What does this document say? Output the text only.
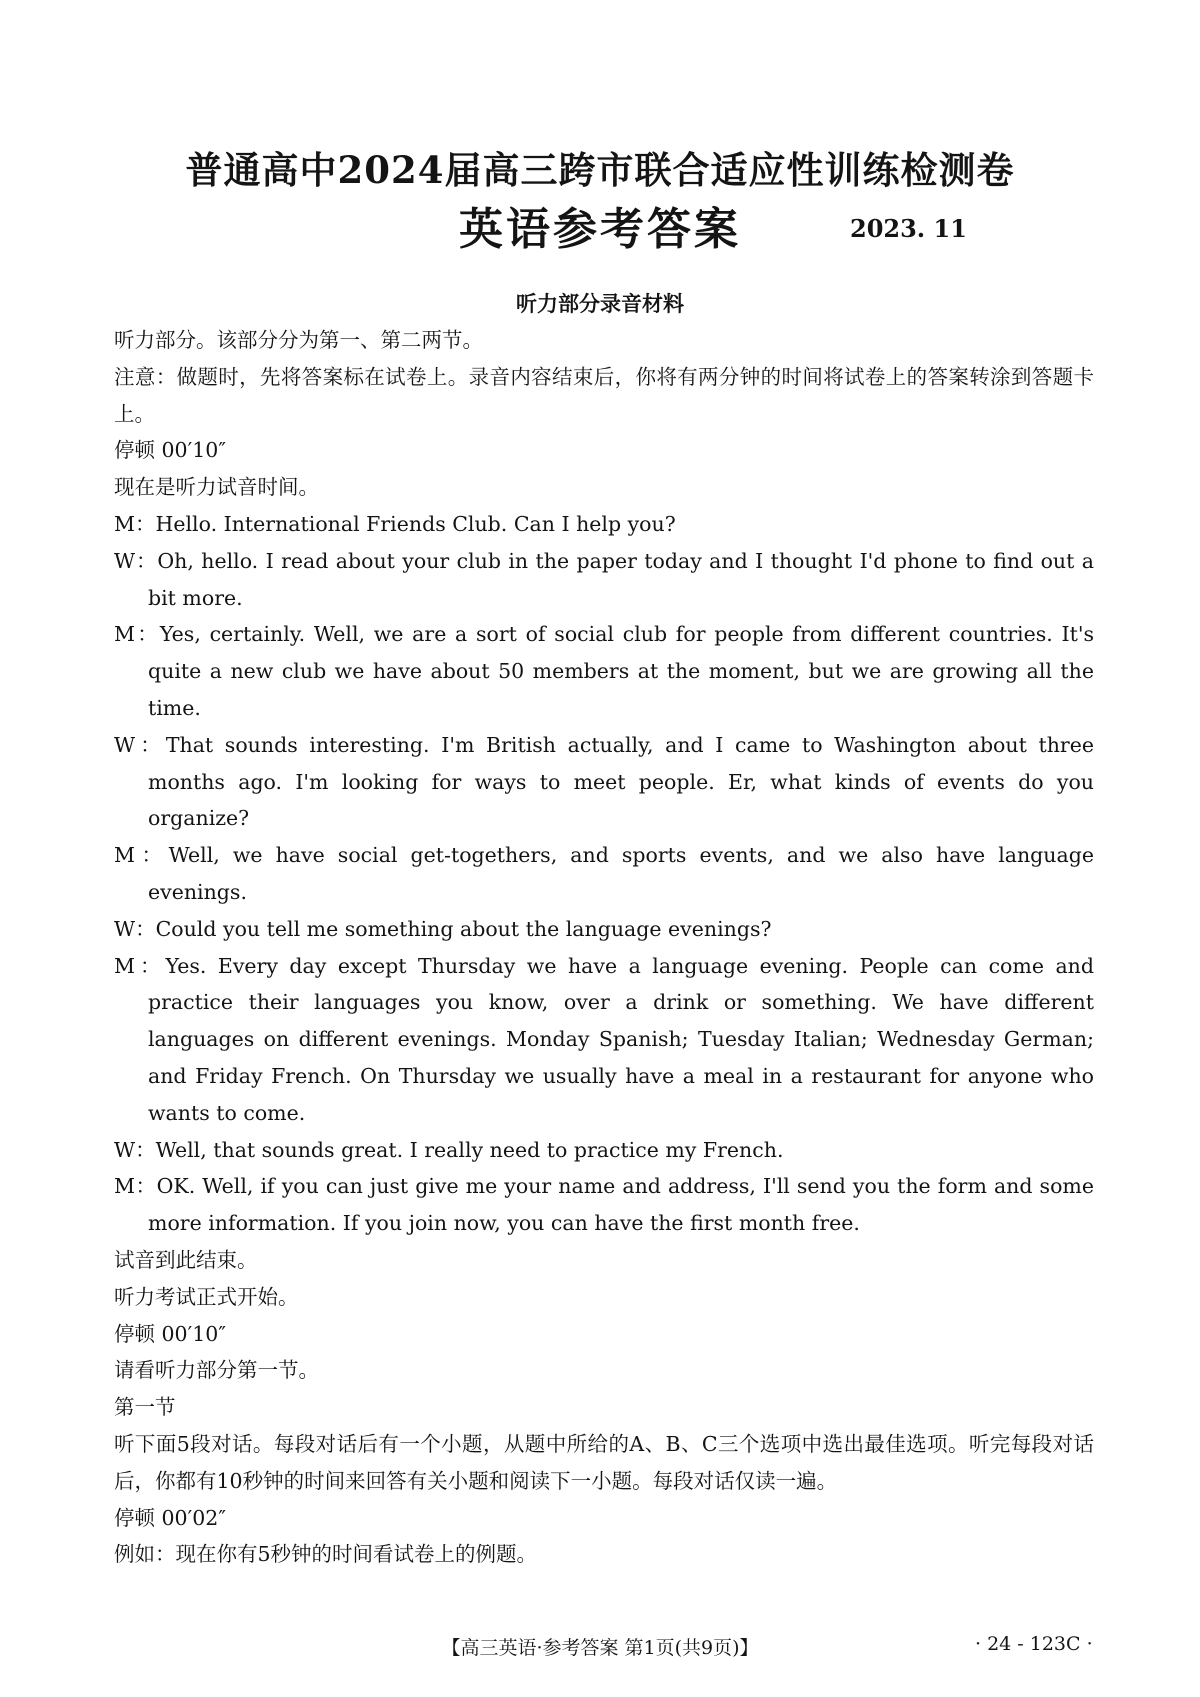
普通高中2024届高三跨市联合适应性训练检测卷
英语参考答案	2023. 11
听力部分录音材料

听力部分。该部分分为第一、第二两节。

注意：做题时，先将答案标在试卷上。录音内容结束后，你将有两分钟的时间将试卷上的答案转涂到答题卡上。

停顿 00′10″

现在是听力试音时间。

M：Hello. International Friends Club. Can I help you?

W：Oh, hello. I read about your club in the paper today and I thought I'd phone to find out a bit more.

M：Yes, certainly. Well, we are a sort of social club for people from different countries. It's quite a new club we have about 50 members at the moment, but we are growing all the time.

W：That sounds interesting. I'm British actually, and I came to Washington about three months ago. I'm looking for ways to meet people. Er, what kinds of events do you organize?

M：Well, we have social get-togethers, and sports events, and we also have language evenings.

W：Could you tell me something about the language evenings?

M：Yes. Every day except Thursday we have a language evening. People can come and practice their languages you know, over a drink or something. We have different languages on different evenings. Monday Spanish; Tuesday Italian; Wednesday German; and Friday French. On Thursday we usually have a meal in a restaurant for anyone who wants to come.

W：Well, that sounds great. I really need to practice my French.

M：OK. Well, if you can just give me your name and address, I'll send you the form and some more information. If you join now, you can have the first month free.

试音到此结束。

听力考试正式开始。

停顿 00′10″

请看听力部分第一节。

第一节

听下面5段对话。每段对话后有一个小题，从题中所给的A、B、C三个选项中选出最佳选项。听完每段对话后，你都有10秒钟的时间来回答有关小题和阅读下一小题。每段对话仅读一遍。

停顿 00′02″

例如：现在你有5秒钟的时间看试卷上的例题。

【高三英语·参考答案 第1页(共9页)】	· 24 - 123C ·
